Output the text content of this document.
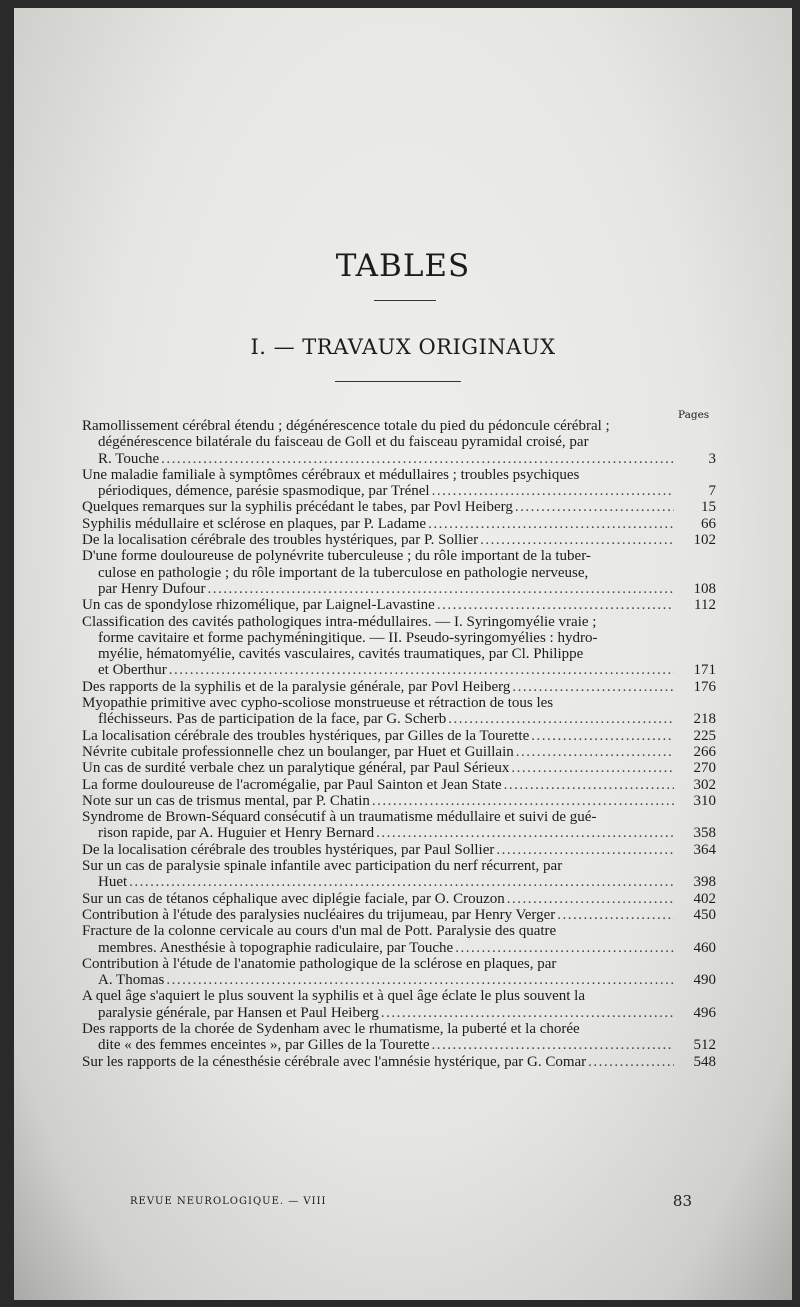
TABLES
I. — TRAVAUX ORIGINAUX
Pages
Ramollissement cérébral étendu ; dégénérescence totale du pied du pédoncule cérébral ;
dégénérescence bilatérale du faisceau de Goll et du faisceau pyramidal croisé, par
R. Touche .....	3
Une maladie familiale à symptômes cérébraux et médullaires ; troubles psychiques
périodiques, démence, parésie spasmodique, par Trénel .....	7
Quelques remarques sur la syphilis précédant le tabes, par Povl Heiberg .....	15
Syphilis médullaire et sclérose en plaques, par P. Ladame .....	66
De la localisation cérébrale des troubles hystériques, par P. Sollier .....	102
D'une forme douloureuse de polynévrite tuberculeuse ; du rôle important de la tuber-
culose en pathologie ; du rôle important de la tuberculose en pathologie nerveuse,
par Henry Dufour .....	108
Un cas de spondylose rhizomélique, par Laignel-Lavastine .....	112
Classification des cavités pathologiques intra-médullaires. — I. Syringomyélie vraie ;
forme cavitaire et forme pachyméningitique. — II. Pseudo-syringomyélies : hydro-
myélie, hématomyélie, cavités vasculaires, cavités traumatiques, par Cl. Philippe
et Oberthur .....	171
Des rapports de la syphilis et de la paralysie générale, par Povl Heiberg .....	176
Myopathie primitive avec cypho-scoliose monstrueuse et rétraction de tous les
fléchisseurs. Pas de participation de la face, par G. Scherb .....	218
La localisation cérébrale des troubles hystériques, par Gilles de la Tourette .....	225
Névrite cubitale professionnelle chez un boulanger, par Huet et Guillain .....	266
Un cas de surdité verbale chez un paralytique général, par Paul Sérieux .....	270
La forme douloureuse de l'acromégalie, par Paul Sainton et Jean State .....	302
Note sur un cas de trismus mental, par P. Chatin .....	310
Syndrome de Brown-Séquard consécutif à un traumatisme médullaire et suivi de gué-
rison rapide, par A. Huguier et Henry Bernard .....	358
De la localisation cérébrale des troubles hystériques, par Paul Sollier .....	364
Sur un cas de paralysie spinale infantile avec participation du nerf récurrent, par
Huet .....	398
Sur un cas de tétanos céphalique avec diplégie faciale, par O. Crouzon .....	402
Contribution à l'étude des paralysies nucléaires du trijumeau, par Henry Verger .....	450
Fracture de la colonne cervicale au cours d'un mal de Pott. Paralysie des quatre
membres. Anesthésie à topographie radiculaire, par Touche .....	460
Contribution à l'étude de l'anatomie pathologique de la sclérose en plaques, par
A. Thomas .....	490
A quel âge s'aquiert le plus souvent la syphilis et à quel âge éclate le plus souvent la
paralysie générale, par Hansen et Paul Heiberg .....	496
Des rapports de la chorée de Sydenham avec le rhumatisme, la puberté et la chorée
dite « des femmes enceintes », par Gilles de la Tourette .....	512
Sur les rapports de la cénesthésie cérébrale avec l'amnésie hystérique, par G. Comar .....	548
REVUE NEUROLOGIQUE. — VIII	83
